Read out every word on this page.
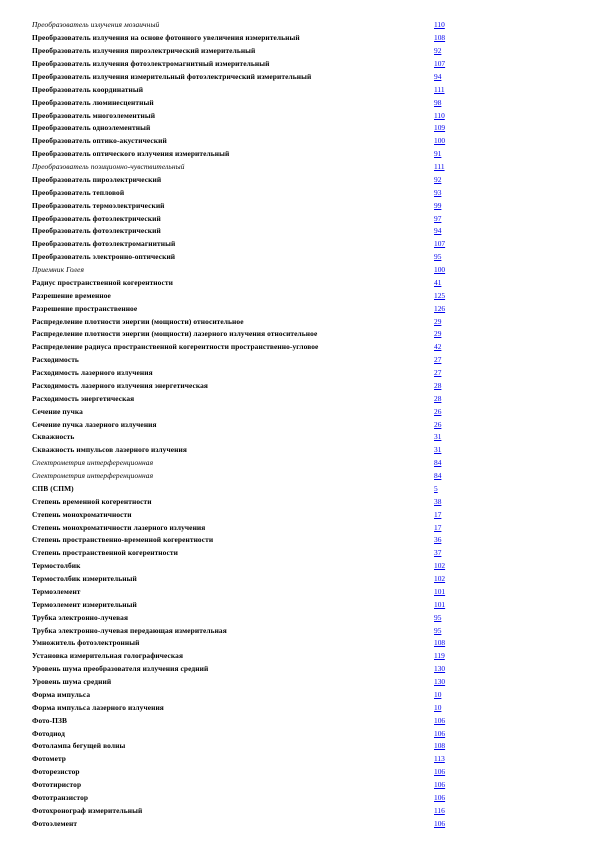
Преобразователь излучения мозаичный	110
Преобразователь излучения на основе фотонного увеличения измерительный	108
Преобразователь излучения пироэлектрический измерительный	92
Преобразователь излучения фотоэлектромагнитный измерительный	107
Преобразователь излучения измерительный фотоэлектрический измерительный	94
Преобразователь координатный	111
Преобразователь люминесцентный	98
Преобразователь многоэлементный	110
Преобразователь одноэлементный	109
Преобразователь оптико-акустический	100
Преобразователь оптического излучения измерительный	91
Преобразователь позиционно-чувствительный	111
Преобразователь пироэлектрический	92
Преобразователь тепловой	93
Преобразователь термоэлектрический	99
Преобразователь фотоэлектрический	97
Преобразователь фотоэлектрический	94
Преобразователь фотоэлектромагнитный	107
Преобразователь электронно-оптический	95
Приемник Голея	100
Радиус пространственной когерентности	41
Разрешение временное	125
Разрешение пространственное	126
Распределение плотности энергии (мощности) относительное	29
Распределение плотности энергии (мощности) лазерного излучения относительное	29
Распределение радиуса пространственной когерентности пространственно-угловое	42
Расходимость	27
Расходимость лазерного излучения	27
Расходимость лазерного излучения энергетическая	28
Расходимость энергетическая	28
Сечение пучка	26
Сечение пучка лазерного излучения	26
Скважность	31
Скважность импульсов лазерного излучения	31
Спектрометрия интерференционная	84
Спектрометрия интерференционная	84
СПВ (СПМ)	5
Степень временной когерентности	38
Степень монохроматичности	17
Степень монохроматичности лазерного излучения	17
Степень пространственно-временной когерентности	36
Степень пространственной когерентности	37
Термостолбик	102
Термостолбик измерительный	102
Термоэлемент	101
Термоэлемент измерительный	101
Трубка электронно-лучевая	95
Трубка электронно-лучевая передающая измерительная	95
Умножитель фотоэлектронный	108
Установка измерительная голографическая	119
Уровень шума преобразователя излучения средний	130
Уровень шума средний	130
Форма импульса	10
Форма импульса лазерного излучения	10
Фото-ПЗВ	106
Фотодиод	106
Фотолампа бегущей волны	108
Фотометр	113
Фоторезистор	106
Фототиристор	106
Фототранзистор	106
Фотохронограф измерительный	116
Фотоэлемент	106
